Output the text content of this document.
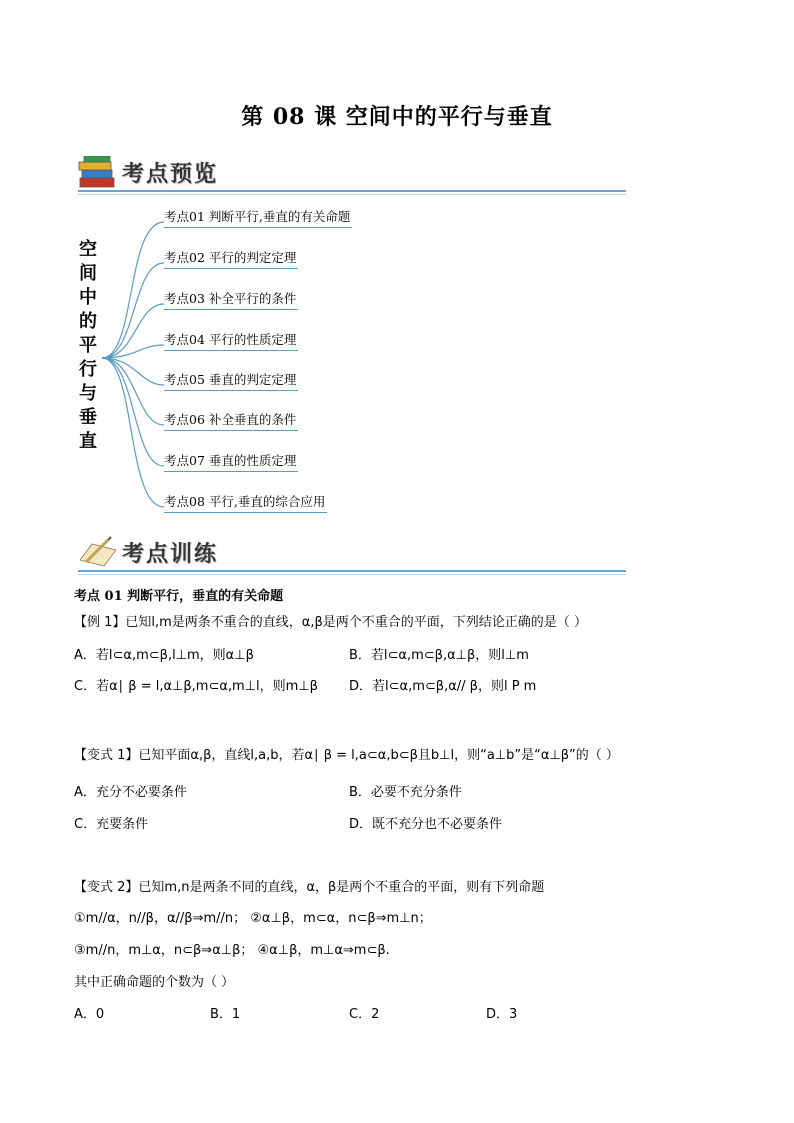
第 08 课 空间中的平行与垂直
考点预览
空
间
中
的
平
行
与
垂
直
考点01 判断平行,垂直的有关命题
考点02 平行的判定定理
考点03 补全平行的条件
考点04 平行的性质定理
考点05 垂直的判定定理
考点06 补全垂直的条件
考点07 垂直的性质定理
考点08 平行,垂直的综合应用
考点训练
考点 01 判断平行，垂直的有关命题
【例 1】已知l,m是两条不重合的直线，α,β是两个不重合的平面，下列结论正确的是（ ）
A．若l⊂α,m⊂β,l⊥m，则α⊥β	B．若l⊂α,m⊂β,α⊥β，则l⊥m
C．若α∣ β = l,α⊥β,m⊂α,m⊥l，则m⊥β D．若l⊂α,m⊂β,α// β，则l P m
【变式 1】已知平面α,β，直线l,a,b，若α∣ β = l,a⊂α,b⊂β且b⊥l，则“a⊥b”是“α⊥β”的（ ）
A．充分不必要条件	B．必要不充分条件
C．充要条件	D．既不充分也不必要条件
【变式 2】已知m,n是两条不同的直线，α，β是两个不重合的平面，则有下列命题
①m//α，n//β，α//β⇒m//n； ②α⊥β，m⊂α，n⊂β⇒m⊥n；
③m//n，m⊥α，n⊂β⇒α⊥β； ④α⊥β，m⊥α⇒m⊂β.
其中正确命题的个数为（ ）
A．0	B．1	C．2	D．3
